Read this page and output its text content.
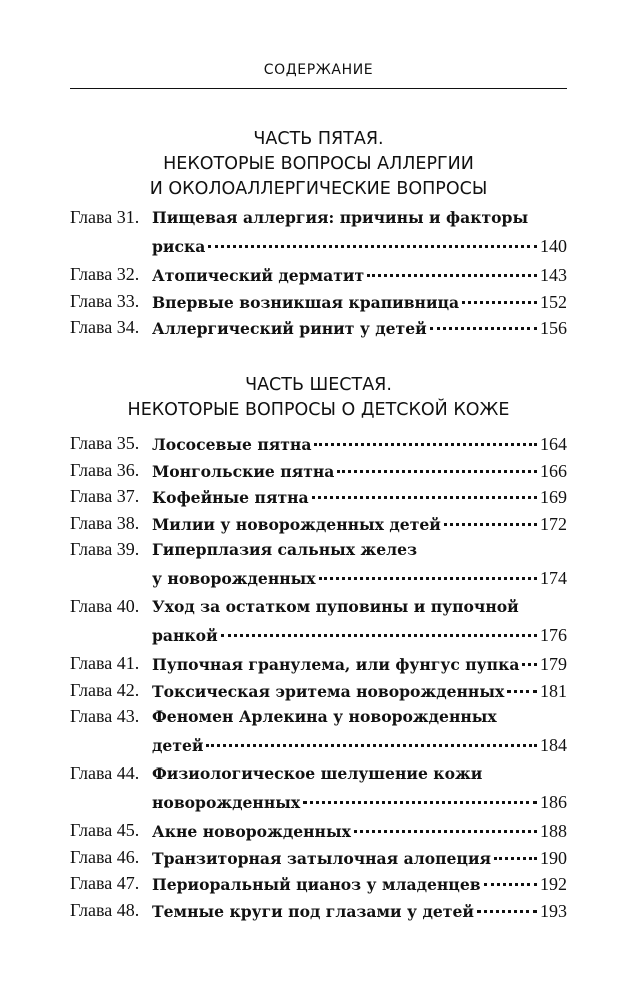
СОДЕРЖАНИЕ
ЧАСТЬ ПЯТАЯ.
НЕКОТОРЫЕ ВОПРОСЫ АЛЛЕРГИИ
И ОКОЛОАЛЛЕРГИЧЕСКИЕ ВОПРОСЫ
Глава 31. Пищевая аллергия: причины и факторы
риска	140
Глава 32. Атопический дерматит	143
Глава 33. Впервые возникшая крапивница	152
Глава 34. Аллергический ринит у детей	156
ЧАСТЬ ШЕСТАЯ.
НЕКОТОРЫЕ ВОПРОСЫ О ДЕТСКОЙ КОЖЕ
Глава 35. Лососевые пятна	164
Глава 36. Монгольские пятна	166
Глава 37. Кофейные пятна	169
Глава 38. Милии у новорожденных детей	172
Глава 39. Гиперплазия сальных желез
у новорожденных	174
Глава 40. Уход за остатком пуповины и пупочной
ранкой	176
Глава 41. Пупочная гранулема, или фунгус пупка 179
Глава 42. Токсическая эритема новорожденных 181
Глава 43. Феномен Арлекина у новорожденных
детей	184
Глава 44. Физиологическое шелушение кожи
новорожденных	186
Глава 45. Акне новорожденных	188
Глава 46. Транзиторная затылочная алопеция	190
Глава 47. Периоральный цианоз у младенцев	192
Глава 48. Темные круги под глазами у детей	193
